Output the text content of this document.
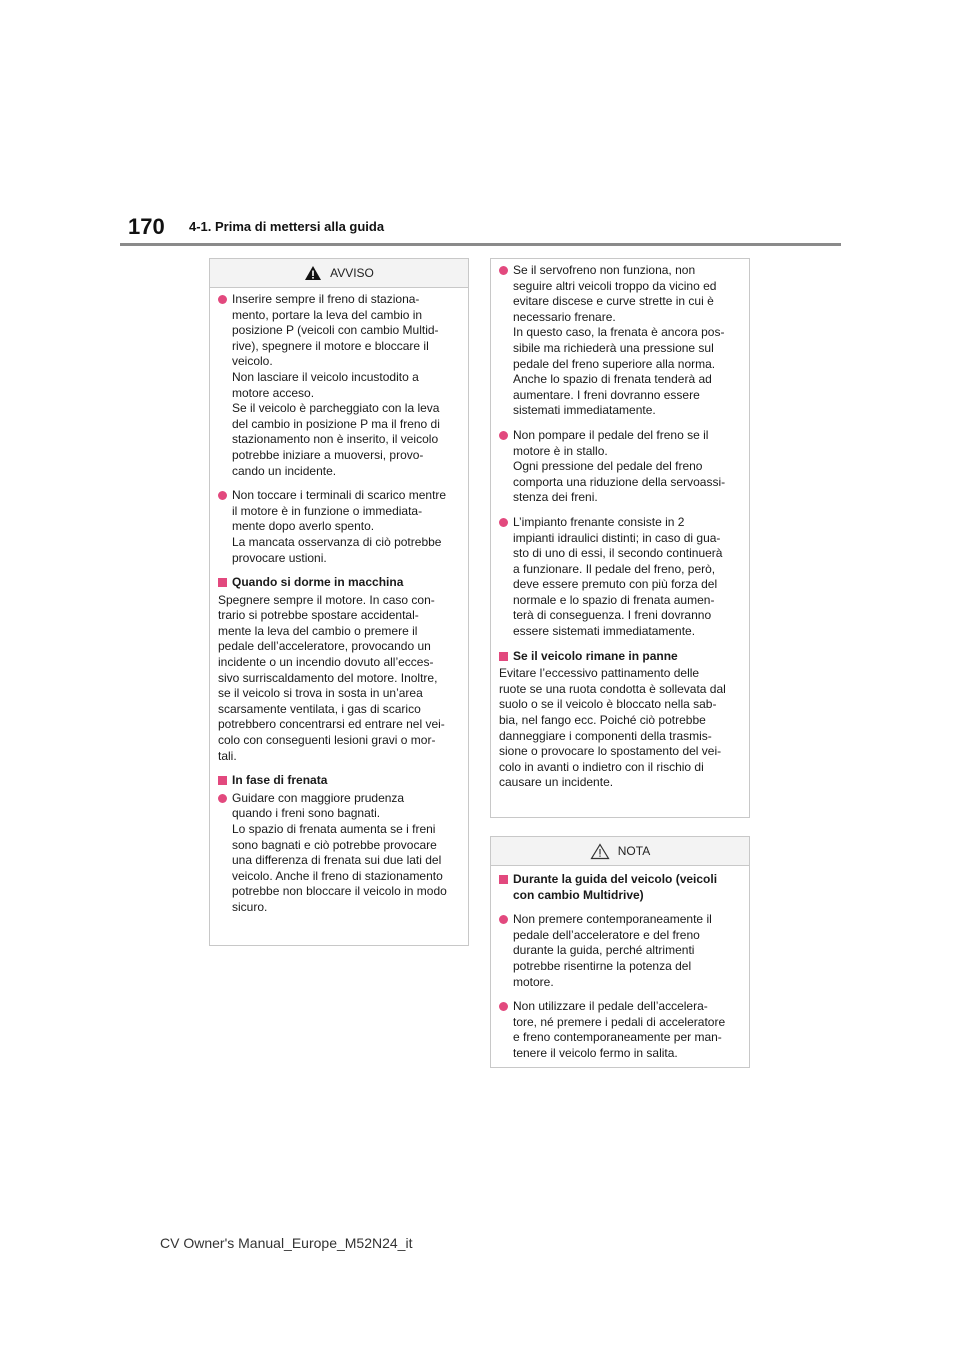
170 4-1. Prima di mettersi alla guida
AVVISO
Inserire sempre il freno di staziona-
mento, portare la leva del cambio in
posizione P (veicoli con cambio Multid-
rive), spegnere il motore e bloccare il
veicolo.
Non lasciare il veicolo incustodito a
motore acceso.
Se il veicolo è parcheggiato con la leva
del cambio in posizione P ma il freno di
stazionamento non è inserito, il veicolo
potrebbe iniziare a muoversi, provo-
cando un incidente.
Non toccare i terminali di scarico mentre
il motore è in funzione o immediata-
mente dopo averlo spento.
La mancata osservanza di ciò potrebbe
provocare ustioni.
Quando si dorme in macchina
Spegnere sempre il motore. In caso con-
trario si potrebbe spostare accidental-
mente la leva del cambio o premere il
pedale dell’acceleratore, provocando un
incidente o un incendio dovuto all’ecces-
sivo surriscaldamento del motore. Inoltre,
se il veicolo si trova in sosta in un’area
scarsamente ventilata, i gas di scarico
potrebbero concentrarsi ed entrare nel vei-
colo con conseguenti lesioni gravi o mor-
tali.
In fase di frenata
Guidare con maggiore prudenza
quando i freni sono bagnati.
Lo spazio di frenata aumenta se i freni
sono bagnati e ciò potrebbe provocare
una differenza di frenata sui due lati del
veicolo. Anche il freno di stazionamento
potrebbe non bloccare il veicolo in modo
sicuro.
Se il servofreno non funziona, non
seguire altri veicoli troppo da vicino ed
evitare discese e curve strette in cui è
necessario frenare.
In questo caso, la frenata è ancora pos-
sibile ma richiederà una pressione sul
pedale del freno superiore alla norma.
Anche lo spazio di frenata tenderà ad
aumentare. I freni dovranno essere
sistemati immediatamente.
Non pompare il pedale del freno se il
motore è in stallo.
Ogni pressione del pedale del freno
comporta una riduzione della servoassi-
stenza dei freni.
L’impianto frenante consiste in 2
impianti idraulici distinti; in caso di gua-
sto di uno di essi, il secondo continuerà
a funzionare. Il pedale del freno, però,
deve essere premuto con più forza del
normale e lo spazio di frenata aumen-
terà di conseguenza. I freni dovranno
essere sistemati immediatamente.
Se il veicolo rimane in panne
Evitare l’eccessivo pattinamento delle
ruote se una ruota condotta è sollevata dal
suolo o se il veicolo è bloccato nella sab-
bia, nel fango ecc. Poiché ciò potrebbe
danneggiare i componenti della trasmis-
sione o provocare lo spostamento del vei-
colo in avanti o indietro con il rischio di
causare un incidente.
NOTA
Durante la guida del veicolo (veicoli
con cambio Multidrive)
Non premere contemporaneamente il
pedale dell’acceleratore e del freno
durante la guida, perché altrimenti
potrebbe risentirne la potenza del
motore.
Non utilizzare il pedale dell’accelera-
tore, né premere i pedali di acceleratore
e freno contemporaneamente per man-
tenere il veicolo fermo in salita.
CV Owner's Manual_Europe_M52N24_it
